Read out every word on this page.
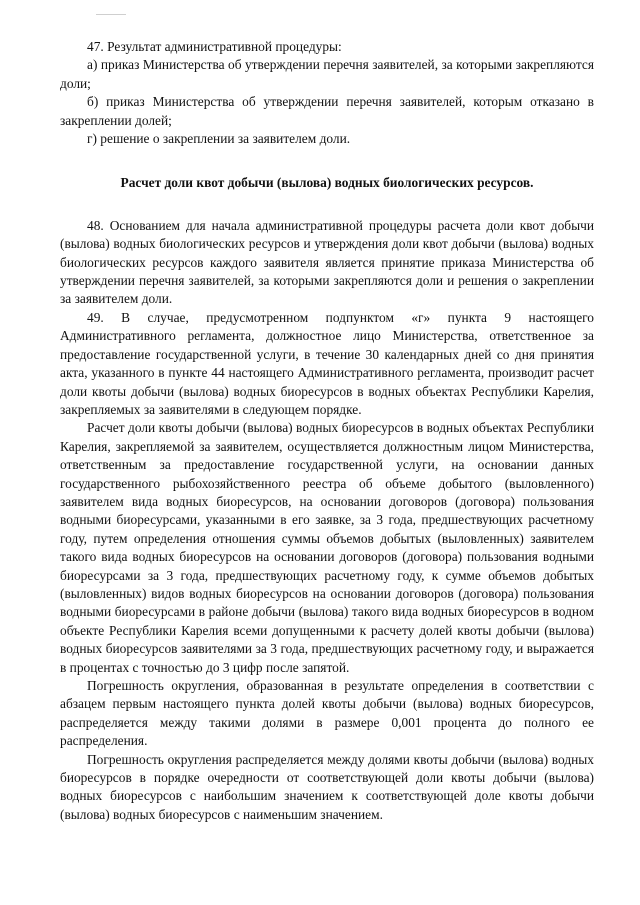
47. Результат административной процедуры:

а) приказ Министерства об утверждении перечня заявителей, за которыми закрепляются доли;

б) приказ Министерства об утверждении перечня заявителей, которым отказано в закреплении долей;

г) решение о закреплении за заявителем доли.

Расчет доли квот добычи (вылова) водных биологических ресурсов.

48. Основанием для начала административной процедуры расчета доли квот добычи (вылова) водных биологических ресурсов и утверждения доли квот добычи (вылова) водных биологических ресурсов каждого заявителя является принятие приказа Министерства об утверждении перечня заявителей, за которыми закрепляются доли и решения о закреплении за заявителем доли.

49. В случае, предусмотренном подпунктом «г» пункта 9 настоящего Административного регламента, должностное лицо Министерства, ответственное за предоставление государственной услуги, в течение 30 календарных дней со дня принятия акта, указанного в пункте 44 настоящего Административного регламента, производит расчет доли квоты добычи (вылова) водных биоресурсов в водных объектах Республики Карелия, закрепляемых за заявителями в следующем порядке.

Расчет доли квоты добычи (вылова) водных биоресурсов в водных объектах Республики Карелия, закрепляемой за заявителем, осуществляется должностным лицом Министерства, ответственным за предоставление государственной услуги, на основании данных государственного рыбохозяйственного реестра об объеме добытого (выловленного) заявителем вида водных биоресурсов, на основании договоров (договора) пользования водными биоресурсами, указанными в его заявке, за 3 года, предшествующих расчетному году, путем определения отношения суммы объемов добытых (выловленных) заявителем такого вида водных биоресурсов на основании договоров (договора) пользования водными биоресурсами за 3 года, предшествующих расчетному году, к сумме объемов добытых (выловленных) видов водных биоресурсов на основании договоров (договора) пользования водными биоресурсами в районе добычи (вылова) такого вида водных биоресурсов в водном объекте Республики Карелия всеми допущенными к расчету долей квоты добычи (вылова) водных биоресурсов заявителями за 3 года, предшествующих расчетному году, и выражается в процентах с точностью до 3 цифр после запятой.

Погрешность округления, образованная в результате определения в соответствии с абзацем первым настоящего пункта долей квоты добычи (вылова) водных биоресурсов, распределяется между такими долями в размере 0,001 процента до полного ее распределения.

Погрешность округления распределяется между долями квоты добычи (вылова) водных биоресурсов в порядке очередности от соответствующей доли квоты добычи (вылова) водных биоресурсов с наибольшим значением к соответствующей доле квоты добычи (вылова) водных биоресурсов с наименьшим значением.
